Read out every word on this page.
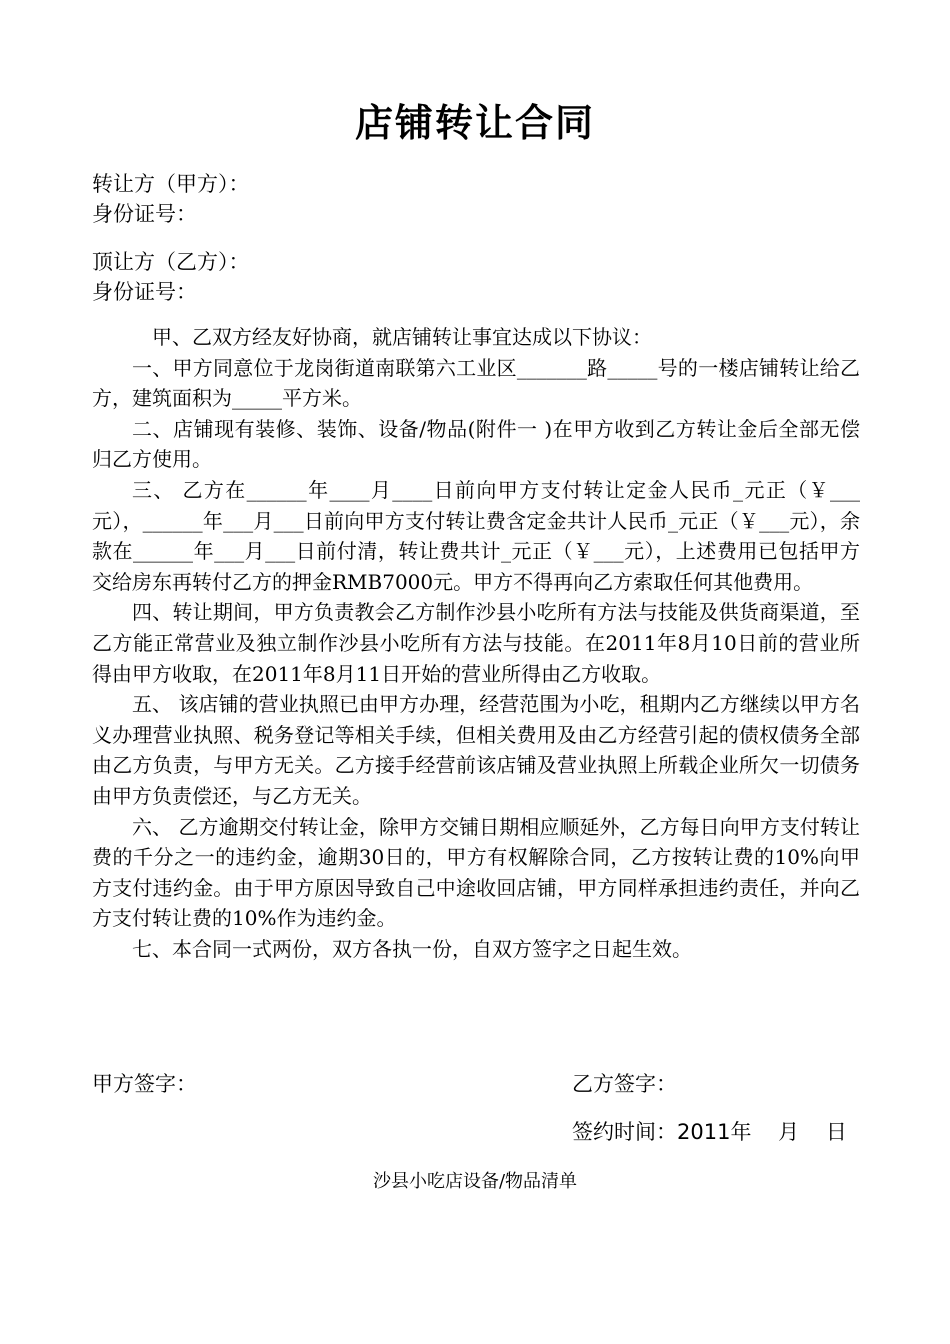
店铺转让合同
转让方（甲方）：
身份证号：
顶让方（乙方）：
身份证号：

甲、乙双方经友好协商，就店铺转让事宜达成以下协议：

一、甲方同意位于龙岗街道南联第六工业区_______路_____号的一楼店铺转让给乙方，建筑面积为_____平方米。

二、店铺现有装修、装饰、设备/物品(附件一 )在甲方收到乙方转让金后全部无偿归乙方使用。

三、 乙方在______年____月____日前向甲方支付转让定金人民币_元正（￥___元），______年___月___日前向甲方支付转让费含定金共计人民币_元正（￥___元），余款在______年___月___日前付清，转让费共计_元正（￥___元），上述费用已包括甲方交给房东再转付乙方的押金RMB7000元。甲方不得再向乙方索取任何其他费用。

四、转让期间，甲方负责教会乙方制作沙县小吃所有方法与技能及供货商渠道，至乙方能正常营业及独立制作沙县小吃所有方法与技能。在2011年8月10日前的营业所得由甲方收取，在2011年8月11日开始的营业所得由乙方收取。

五、 该店铺的营业执照已由甲方办理，经营范围为小吃，租期内乙方继续以甲方名义办理营业执照、税务登记等相关手续，但相关费用及由乙方经营引起的债权债务全部由乙方负责，与甲方无关。乙方接手经营前该店铺及营业执照上所载企业所欠一切债务由甲方负责偿还，与乙方无关。

六、 乙方逾期交付转让金，除甲方交铺日期相应顺延外，乙方每日向甲方支付转让费的千分之一的违约金，逾期30日的，甲方有权解除合同，乙方按转让费的10%向甲方支付违约金。由于甲方原因导致自己中途收回店铺，甲方同样承担违约责任，并向乙方支付转让费的10%作为违约金。

七、本合同一式两份，双方各执一份，自双方签字之日起生效。

甲方签字：	乙方签字：
签约时间：2011年    月    日
沙县小吃店设备/物品清单
